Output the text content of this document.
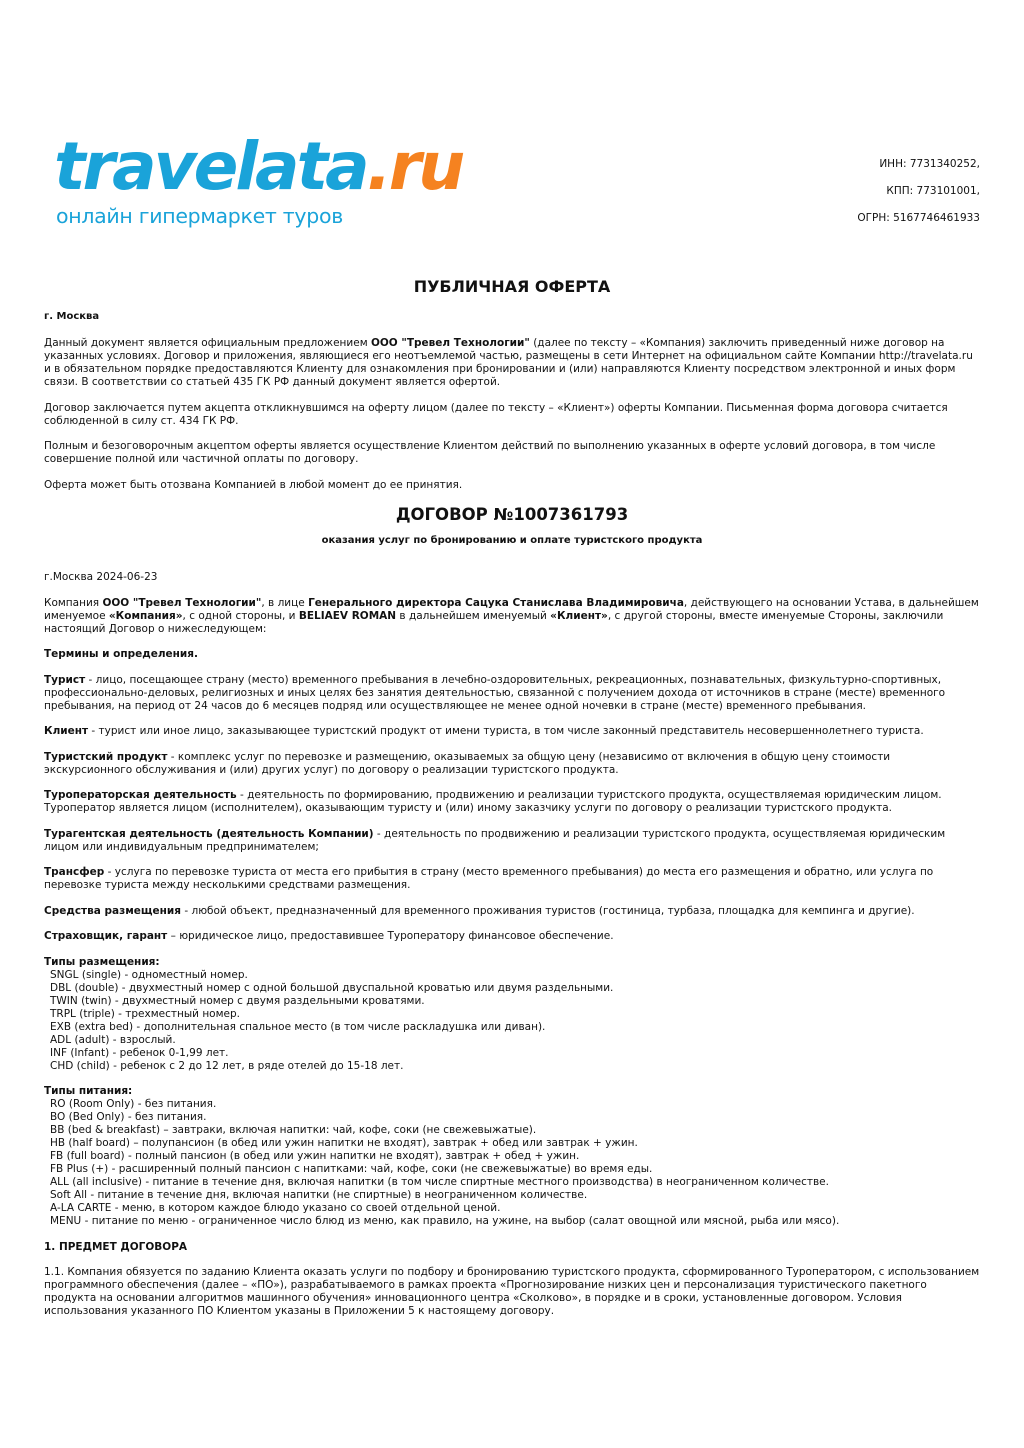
travelata.ru
онлайн гипермаркет туров
ИНН: 7731340252,
КПП: 773101001,
ОГРН: 5167746461933
ПУБЛИЧНАЯ ОФЕРТА
г. Москва

Данный документ является официальным предложением ООО "Тревел Технологии" (далее по тексту – «Компания) заключить приведенный ниже договор на указанных условиях. Договор и приложения, являющиеся его неотъемлемой частью, размещены в сети Интернет на официальном сайте Компании http://travelata.ru и в обязательном порядке предоставляются Клиенту для ознакомления при бронировании и (или) направляются Клиенту посредством электронной и иных форм связи. В соответствии со статьей 435 ГК РФ данный документ является офертой.

Договор заключается путем акцепта откликнувшимся на оферту лицом (далее по тексту – «Клиент») оферты Компании. Письменная форма договора считается соблюденной в силу ст. 434 ГК РФ.

Полным и безоговорочным акцептом оферты является осуществление Клиентом действий по выполнению указанных в оферте условий договора, в том числе совершение полной или частичной оплаты по договору.

Оферта может быть отозвана Компанией в любой момент до ее принятия.

ДОГОВОР №1007361793
оказания услуг по бронированию и оплате туристского продукта

г.Москва 2024-06-23

Компания ООО "Тревел Технологии", в лице Генерального директора Сацука Станислава Владимировича, действующего на основании Устава, в дальнейшем именуемое «Компания», с одной стороны, и BELIAEV ROMAN в дальнейшем именуемый «Клиент», с другой стороны, вместе именуемые Стороны, заключили настоящий Договор о нижеследующем:

Термины и определения.

Турист - лицо, посещающее страну (место) временного пребывания в лечебно-оздоровительных, рекреационных, познавательных, физкультурно-спортивных, профессионально-деловых, религиозных и иных целях без занятия деятельностью, связанной с получением дохода от источников в стране (месте) временного пребывания, на период от 24 часов до 6 месяцев подряд или осуществляющее не менее одной ночевки в стране (месте) временного пребывания.

Клиент - турист или иное лицо, заказывающее туристский продукт от имени туриста, в том числе законный представитель несовершеннолетнего туриста.

Туристский продукт - комплекс услуг по перевозке и размещению, оказываемых за общую цену (независимо от включения в общую цену стоимости экскурсионного обслуживания и (или) других услуг) по договору о реализации туристского продукта.

Туроператорская деятельность - деятельность по формированию, продвижению и реализации туристского продукта, осуществляемая юридическим лицом. Туроператор является лицом (исполнителем), оказывающим туристу и (или) иному заказчику услуги по договору о реализации туристского продукта.

Турагентская деятельность (деятельность Компании) - деятельность по продвижению и реализации туристского продукта, осуществляемая юридическим лицом или индивидуальным предпринимателем;

Трансфер - услуга по перевозке туриста от места его прибытия в страну (место временного пребывания) до места его размещения и обратно, или услуга по перевозке туриста между несколькими средствами размещения.

Средства размещения - любой объект, предназначенный для временного проживания туристов (гостиница, турбаза, площадка для кемпинга и другие).

Страховщик, гарант – юридическое лицо, предоставившее Туроператору финансовое обеспечение.

Типы размещения:
SNGL (single) - одноместный номер.
DBL (double) - двухместный номер с одной большой двуспальной кроватью или двумя раздельными.
TWIN (twin) - двухместный номер с двумя раздельными кроватями.
TRPL (triple) - трехместный номер.
EXB (extra bed) - дополнительная спальное место (в том числе раскладушка или диван).
ADL (adult) - взрослый.
INF (Infant) - ребенок 0-1,99 лет.
CHD (child) - ребенок с 2 до 12 лет, в ряде отелей до 15-18 лет.
Типы питания:
RO (Room Only) - без питания.
BO (Bed Only) - без питания.
BB (bed & breakfast) – завтраки, включая напитки: чай, кофе, соки (не свежевыжатые).
HB (half board) – полупансион (в обед или ужин напитки не входят), завтрак + обед или завтрак + ужин.
FB (full board) - полный пансион (в обед или ужин напитки не входят), завтрак + обед + ужин.
FB Plus (+) - расширенный полный пансион с напитками: чай, кофе, соки (не свежевыжатые) во время еды.
ALL (all inclusive) - питание в течение дня, включая напитки (в том числе спиртные местного производства) в неограниченном количестве.
Soft All - питание в течение дня, включая напитки (не спиртные) в неограниченном количестве.
A-LA CARTE - меню, в котором каждое блюдо указано со своей отдельной ценой.
MENU - питание по меню - ограниченное число блюд из меню, как правило, на ужине, на выбор (салат овощной или мясной, рыба или мясо).

1. ПРЕДМЕТ ДОГОВОРА

1.1. Компания обязуется по заданию Клиента оказать услуги по подбору и бронированию туристского продукта, сформированного Туроператором, с использованием программного обеспечения (далее – «ПО»), разрабатываемого в рамках проекта «Прогнозирование низких цен и персонализация туристического пакетного продукта на основании алгоритмов машинного обучения» инновационного центра «Сколково», в порядке и в сроки, установленные договором. Условия использования указанного ПО Клиентом указаны в Приложении 5 к настоящему договору.
